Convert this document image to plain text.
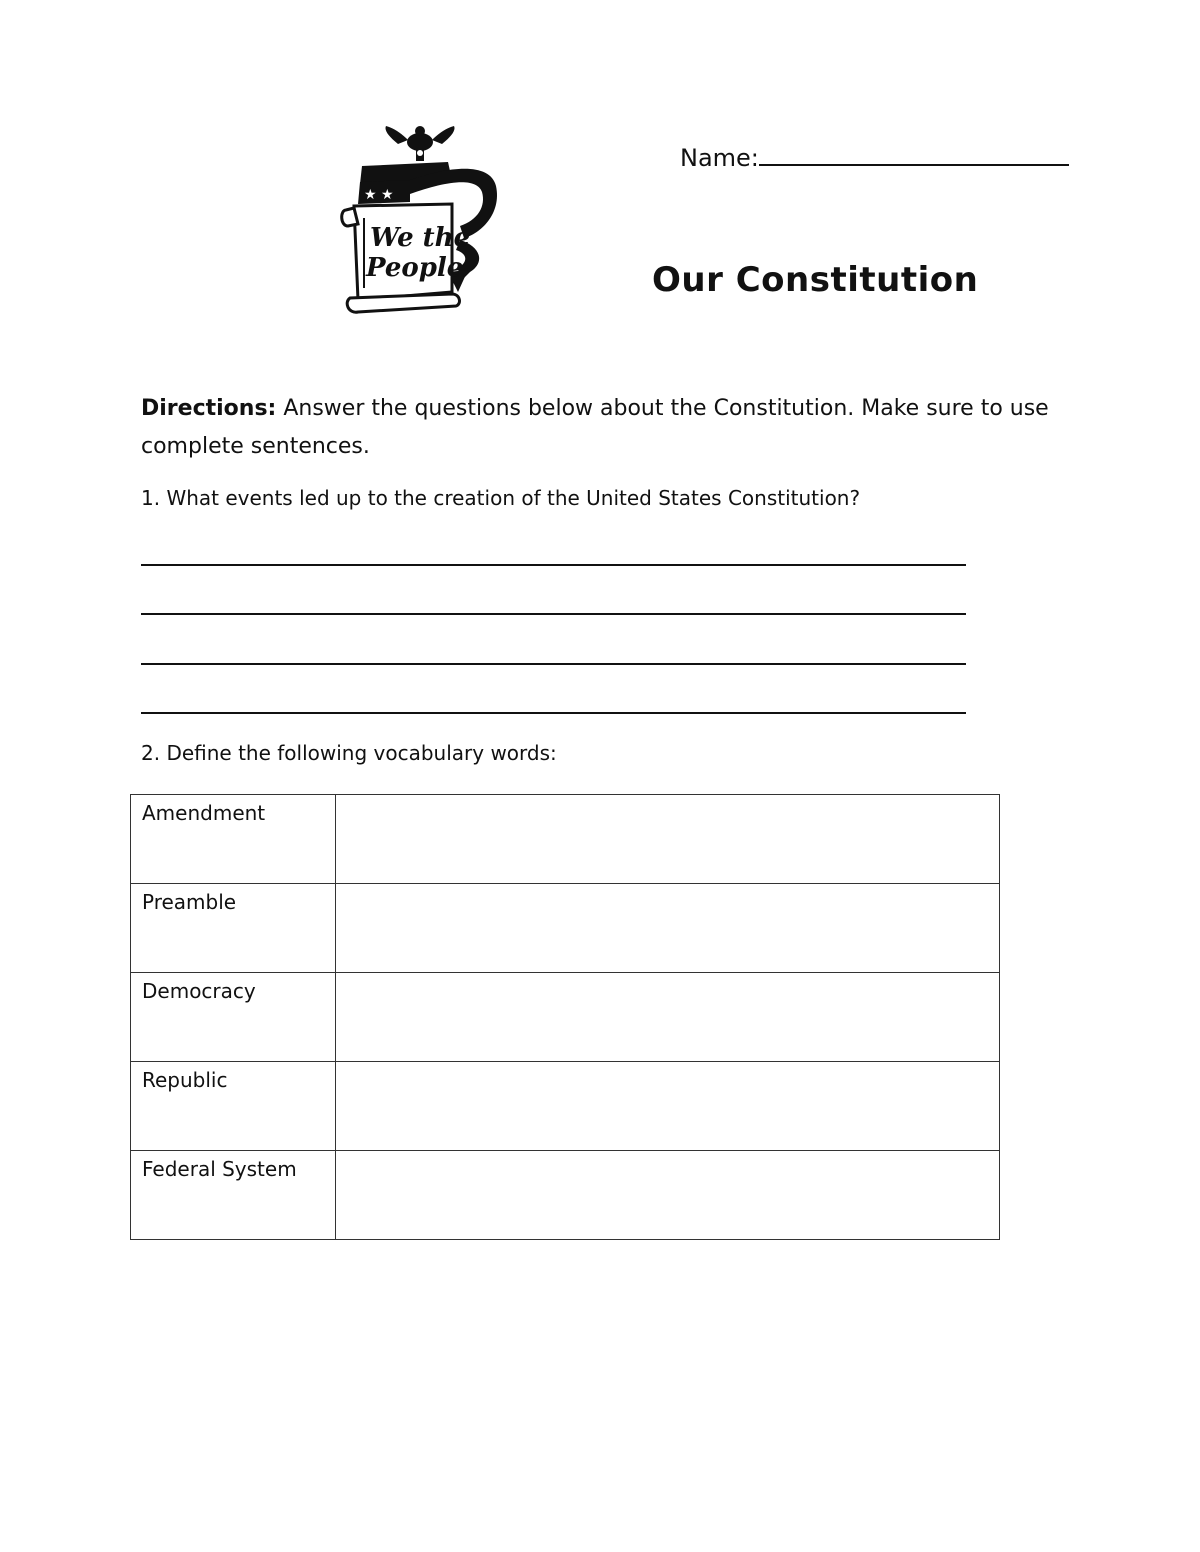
★ ★
We the
People
Name:
Our Constitution
Directions: Answer the questions below about the Constitution. Make sure to use complete sentences.
1. What events led up to the creation of the United States Constitution?
2. Define the following vocabulary words:
Amendment	

Preamble	

Democracy	

Republic	

Federal System	
